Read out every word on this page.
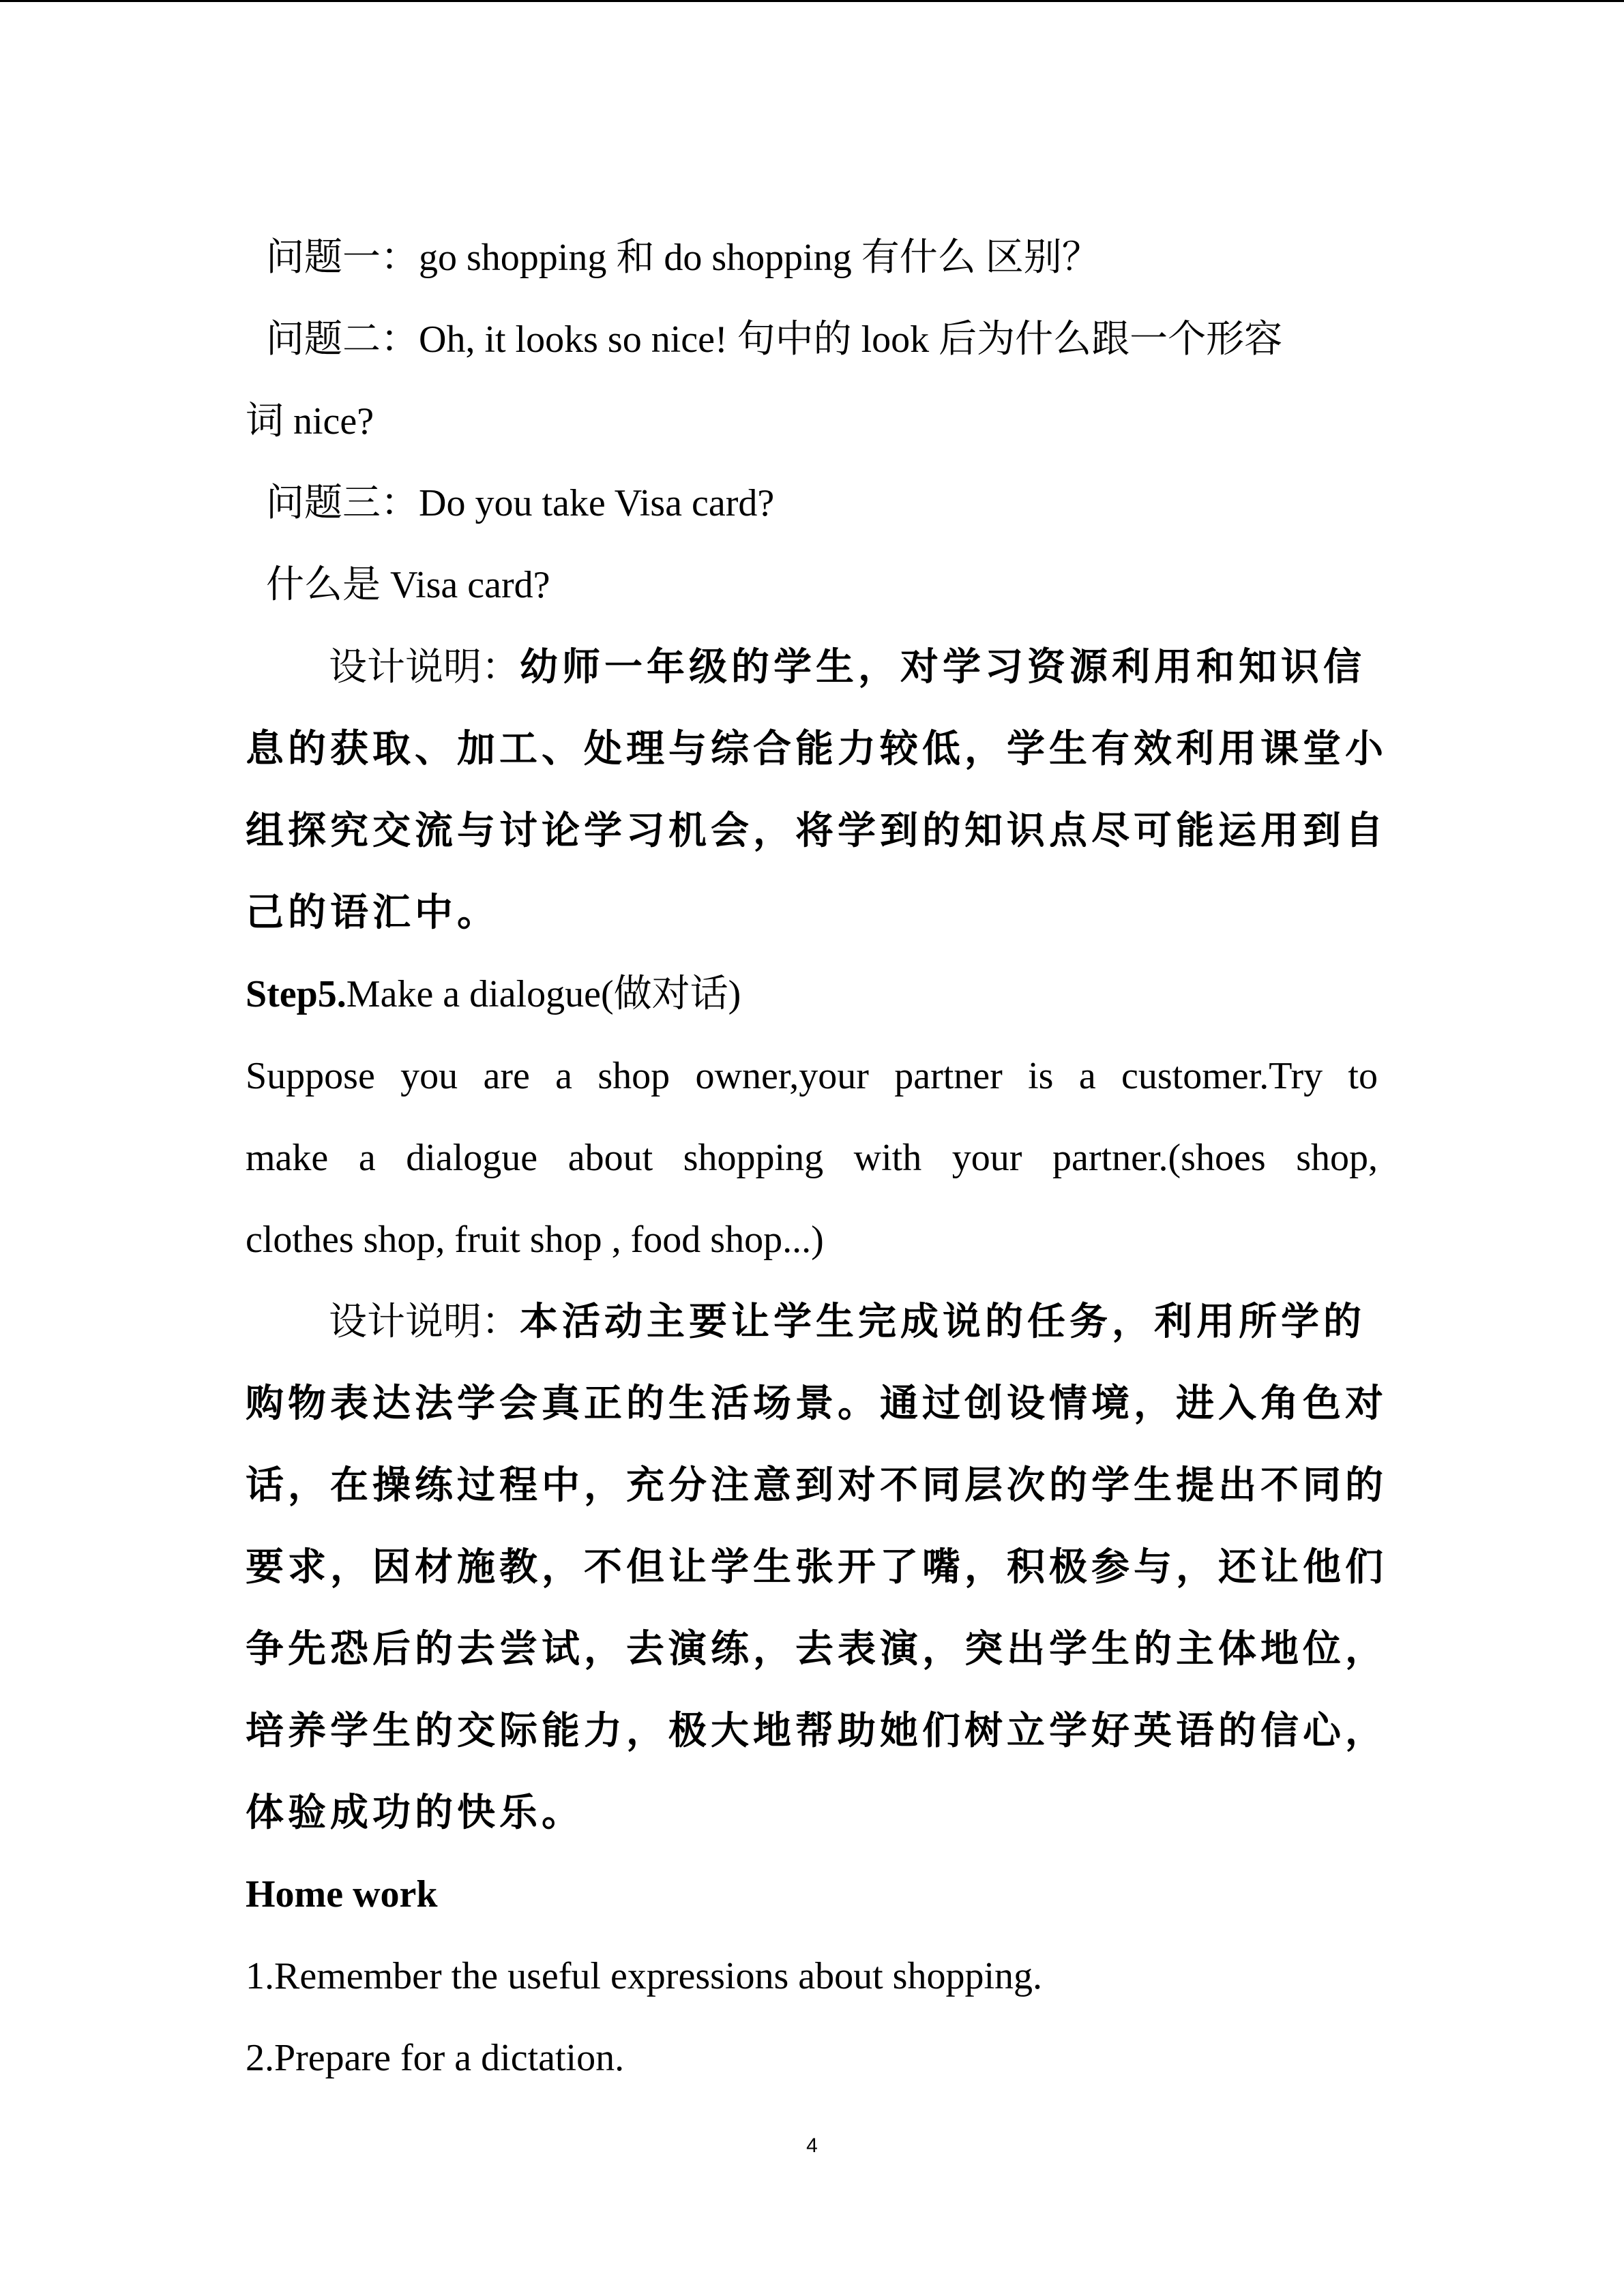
问题一：go shopping 和 do shopping 有什么 区别？
问题二：Oh, it looks so nice! 句中的 look 后为什么跟一个形容
词 nice?
问题三：Do you take Visa card?
什么是 Visa card?
设计说明：幼师一年级的学生，对学习资源利用和知识信
息的获取、加工、处理与综合能力较低，学生有效利用课堂小
组探究交流与讨论学习机会，将学到的知识点尽可能运用到自
己的语汇中。
Step5.Make a dialogue(做对话)
Suppose you are a shop owner,your partner is a customer.Try to
make a dialogue about shopping with your partner.(shoes shop,
clothes shop, fruit shop , food shop...)
设计说明：本活动主要让学生完成说的任务，利用所学的
购物表达法学会真正的生活场景。通过创设情境，进入角色对
话，在操练过程中，充分注意到对不同层次的学生提出不同的
要求，因材施教，不但让学生张开了嘴，积极参与，还让他们
争先恐后的去尝试，去演练，去表演，突出学生的主体地位，
培养学生的交际能力，极大地帮助她们树立学好英语的信心，
体验成功的快乐。
Home work
1.Remember the useful expressions about shopping.
2.Prepare for a dictation.
4
